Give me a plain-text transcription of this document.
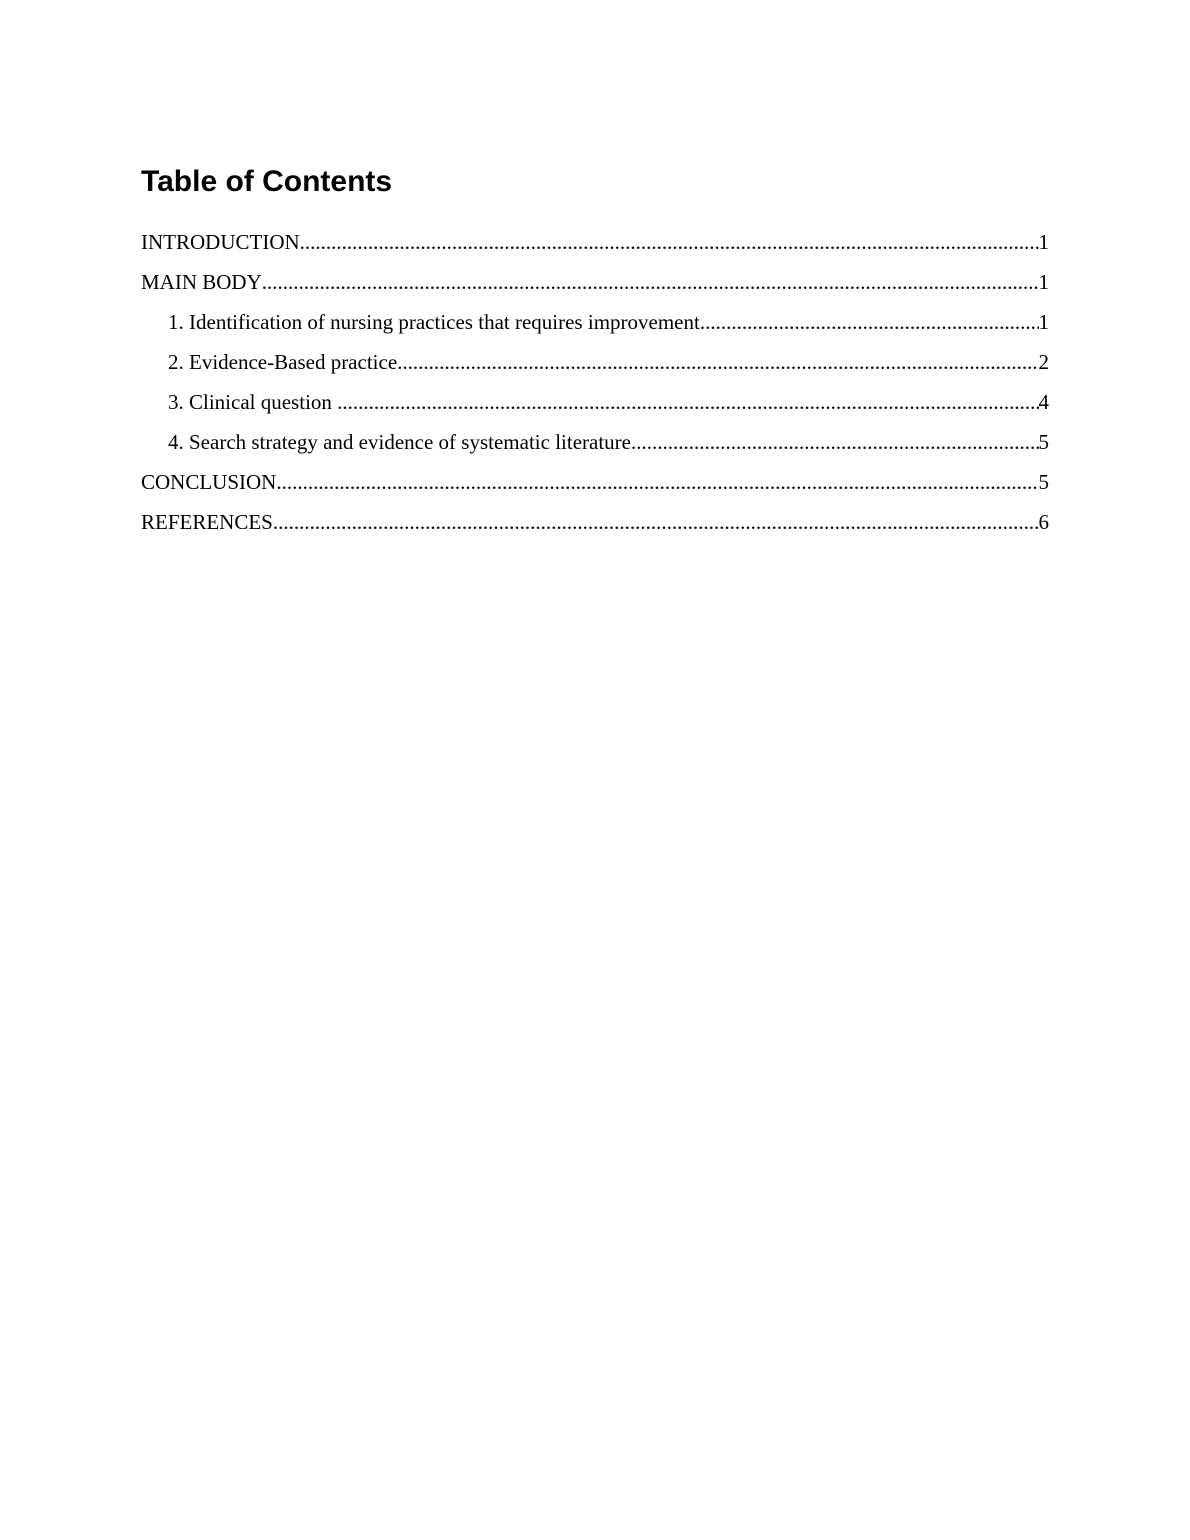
Table of Contents
INTRODUCTION .....	1
MAIN BODY .....	1
1. Identification of nursing practices that requires improvement .....	1
2. Evidence-Based practice .....	2
3. Clinical question .....	4
4. Search strategy and evidence of systematic literature .....	5
CONCLUSION .....	5
REFERENCES .....	6
